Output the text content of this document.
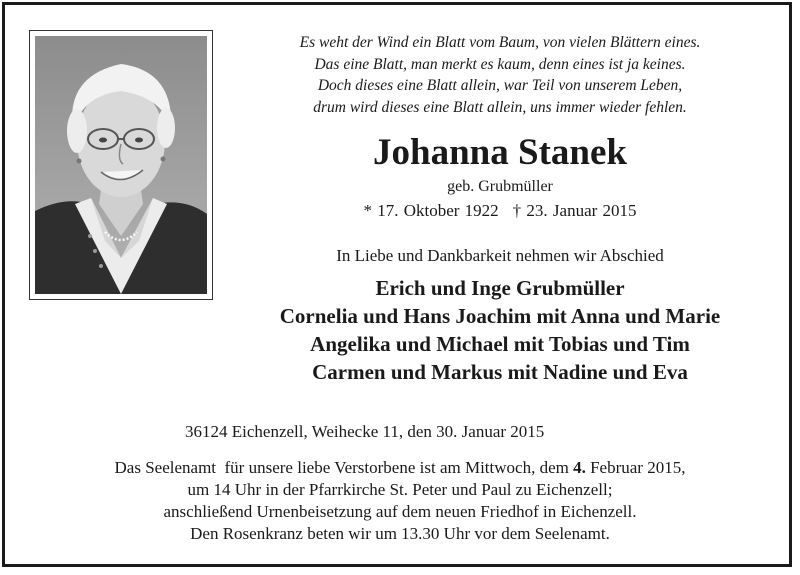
Es weht der Wind ein Blatt vom Baum, von vielen Blättern eines.
Das eine Blatt, man merkt es kaum, denn eines ist ja keines.
Doch dieses eine Blatt allein, war Teil von unserem Leben,
drum wird dieses eine Blatt allein, uns immer wieder fehlen.
Johanna Stanek
geb. Grubmüller
* 17. Oktober 1922 † 23. Januar 2015
In Liebe und Dankbarkeit nehmen wir Abschied
Erich und Inge Grubmüller
Cornelia und Hans Joachim mit Anna und Marie
Angelika und Michael mit Tobias und Tim
Carmen und Markus mit Nadine und Eva
36124 Eichenzell, Weihecke 11, den 30. Januar 2015
Das Seelenamt  für unsere liebe Verstorbene ist am Mittwoch, dem 4. Februar 2015,
um 14 Uhr in der Pfarrkirche St. Peter und Paul zu Eichenzell;
anschließend Urnenbeisetzung auf dem neuen Friedhof in Eichenzell.
Den Rosenkranz beten wir um 13.30 Uhr vor dem Seelenamt.
